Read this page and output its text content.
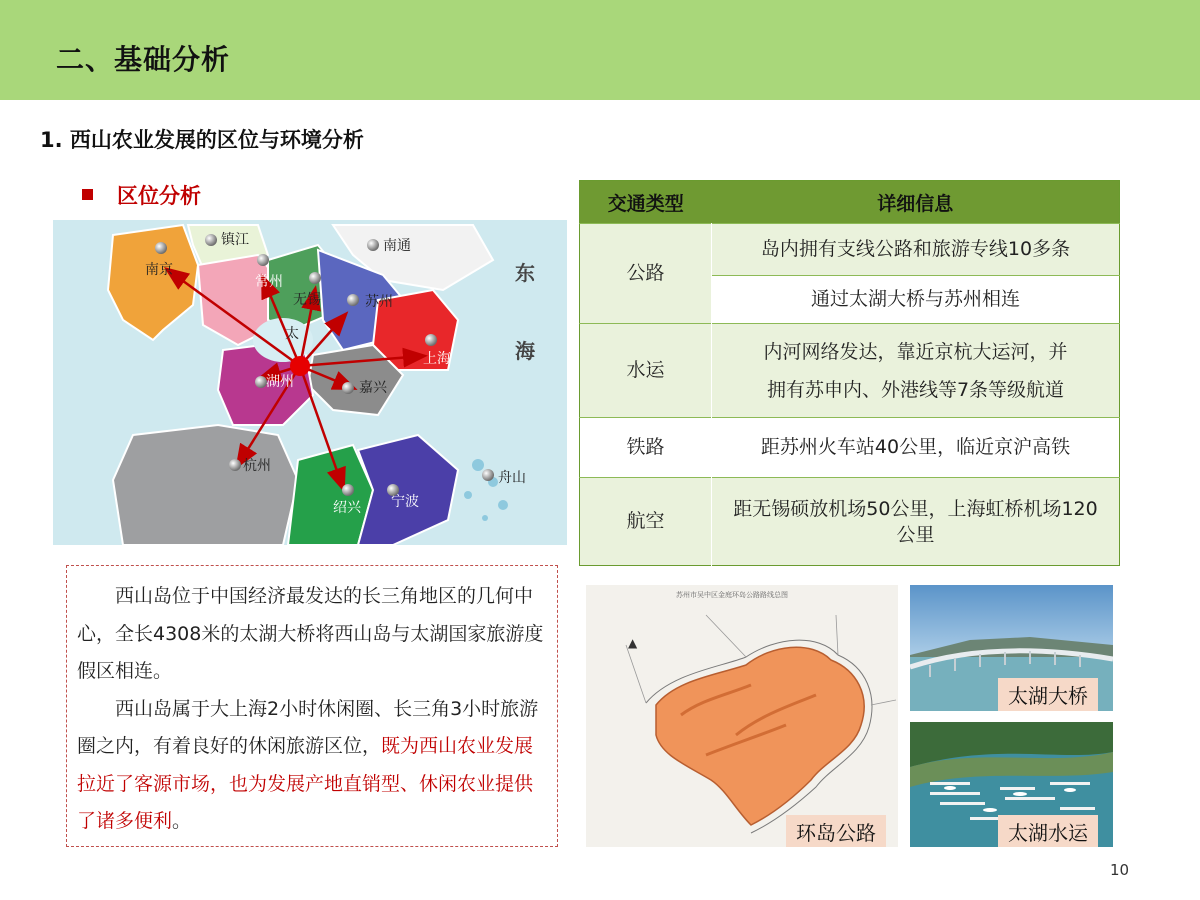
二、基础分析
1. 西山农业发展的区位与环境分析
区位分析
南京
镇江	南通
常州
无锡	苏州
上海
太
湖州	嘉兴
杭州
绍兴 宁波
舟山
东
海
交通类型	详细信息
公路	岛内拥有支线公路和旅游专线10多条
	通过太湖大桥与苏州相连
水运	内河网络发达，靠近京杭大运河，并
拥有苏申内、外港线等7条等级航道

铁路	距苏州火车站40公里，临近京沪高铁
航空	距无锡硕放机场50公里，上海虹桥机场120
公里

西山岛位于中国经济最发达的长三角地区的几何中心，全长4308米的太湖大桥将西山岛与太湖国家旅游度假区相连。

西山岛属于大上海2小时休闲圈、长三角3小时旅游圈之内，有着良好的休闲旅游区位，既为西山农业发展拉近了客源市场，也为发展产地直销型、休闲农业提供了诸多便利。

苏州市吴中区金庭环岛公路路线总图
▲
环岛公路
太湖大桥
太湖水运
10
